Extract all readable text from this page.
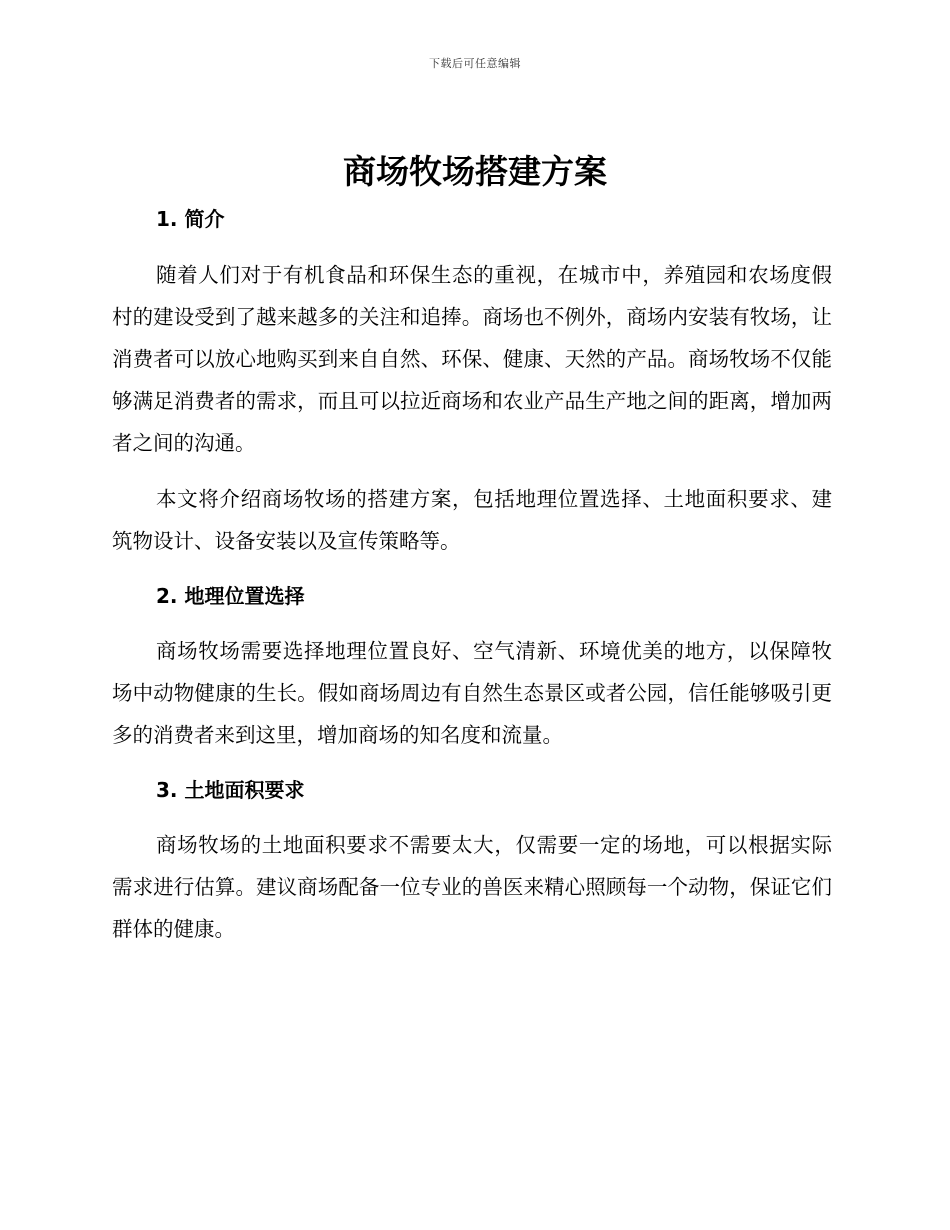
下载后可任意编辑
商场牧场搭建方案
1. 简介

随着人们对于有机食品和环保生态的重视，在城市中，养殖园和农场度假村的建设受到了越来越多的关注和追捧。商场也不例外，商场内安装有牧场，让消费者可以放心地购买到来自自然、环保、健康、天然的产品。商场牧场不仅能够满足消费者的需求，而且可以拉近商场和农业产品生产地之间的距离，增加两者之间的沟通。

本文将介绍商场牧场的搭建方案，包括地理位置选择、土地面积要求、建筑物设计、设备安装以及宣传策略等。

2. 地理位置选择

商场牧场需要选择地理位置良好、空气清新、环境优美的地方，以保障牧场中动物健康的生长。假如商场周边有自然生态景区或者公园，信任能够吸引更多的消费者来到这里，增加商场的知名度和流量。

3. 土地面积要求

商场牧场的土地面积要求不需要太大，仅需要一定的场地，可以根据实际需求进行估算。建议商场配备一位专业的兽医来精心照顾每一个动物，保证它们群体的健康。
